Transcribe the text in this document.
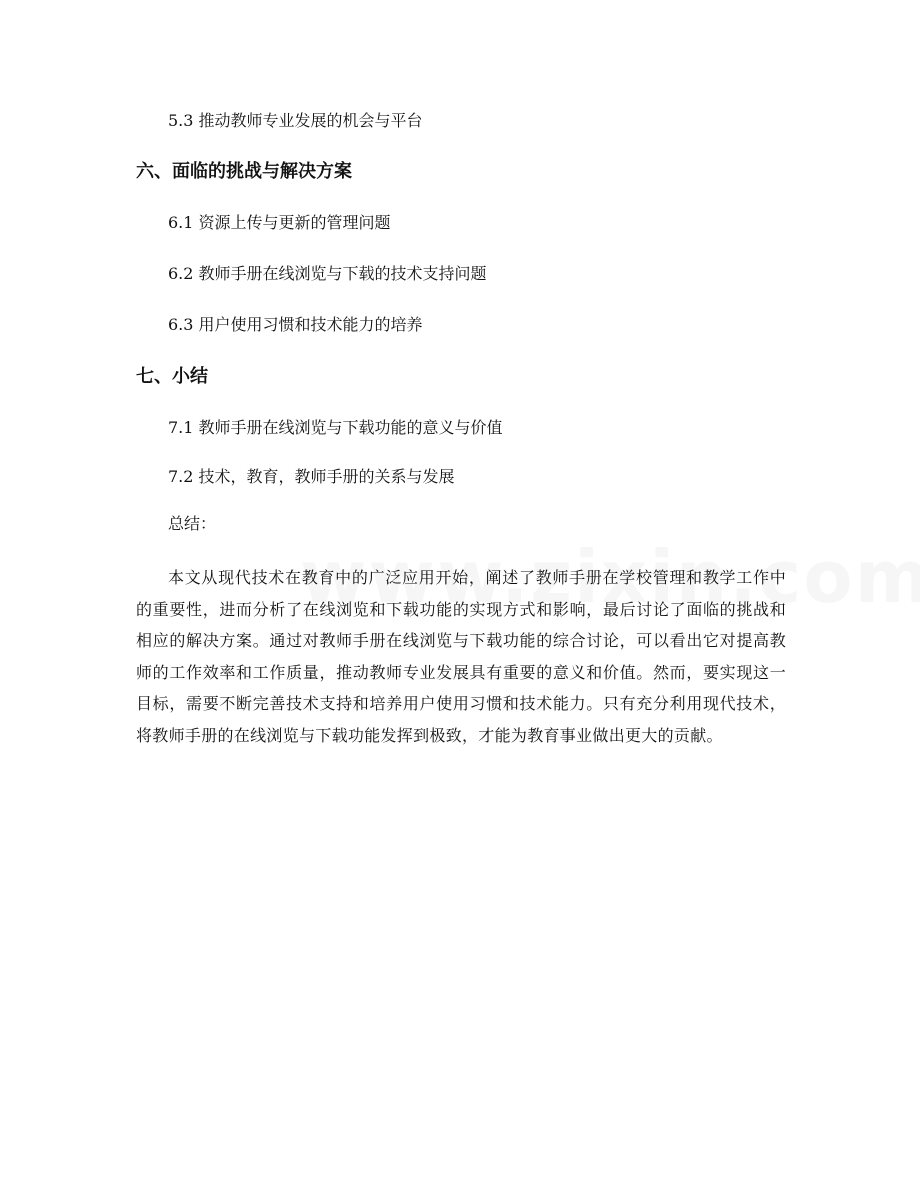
5.3 推动教师专业发展的机会与平台
六、面临的挑战与解决方案
6.1 资源上传与更新的管理问题
6.2 教师手册在线浏览与下载的技术支持问题
6.3 用户使用习惯和技术能力的培养
七、小结
7.1 教师手册在线浏览与下载功能的意义与价值
7.2 技术，教育，教师手册的关系与发展
总结：
本文从现代技术在教育中的广泛应用开始，阐述了教师手册在学校管理和教学工作中的重要性，进而分析了在线浏览和下载功能的实现方式和影响，最后讨论了面临的挑战和相应的解决方案。通过对教师手册在线浏览与下载功能的综合讨论，可以看出它对提高教师的工作效率和工作质量，推动教师专业发展具有重要的意义和价值。然而，要实现这一目标，需要不断完善技术支持和培养用户使用习惯和技术能力。只有充分利用现代技术，将教师手册的在线浏览与下载功能发挥到极致，才能为教育事业做出更大的贡献。
